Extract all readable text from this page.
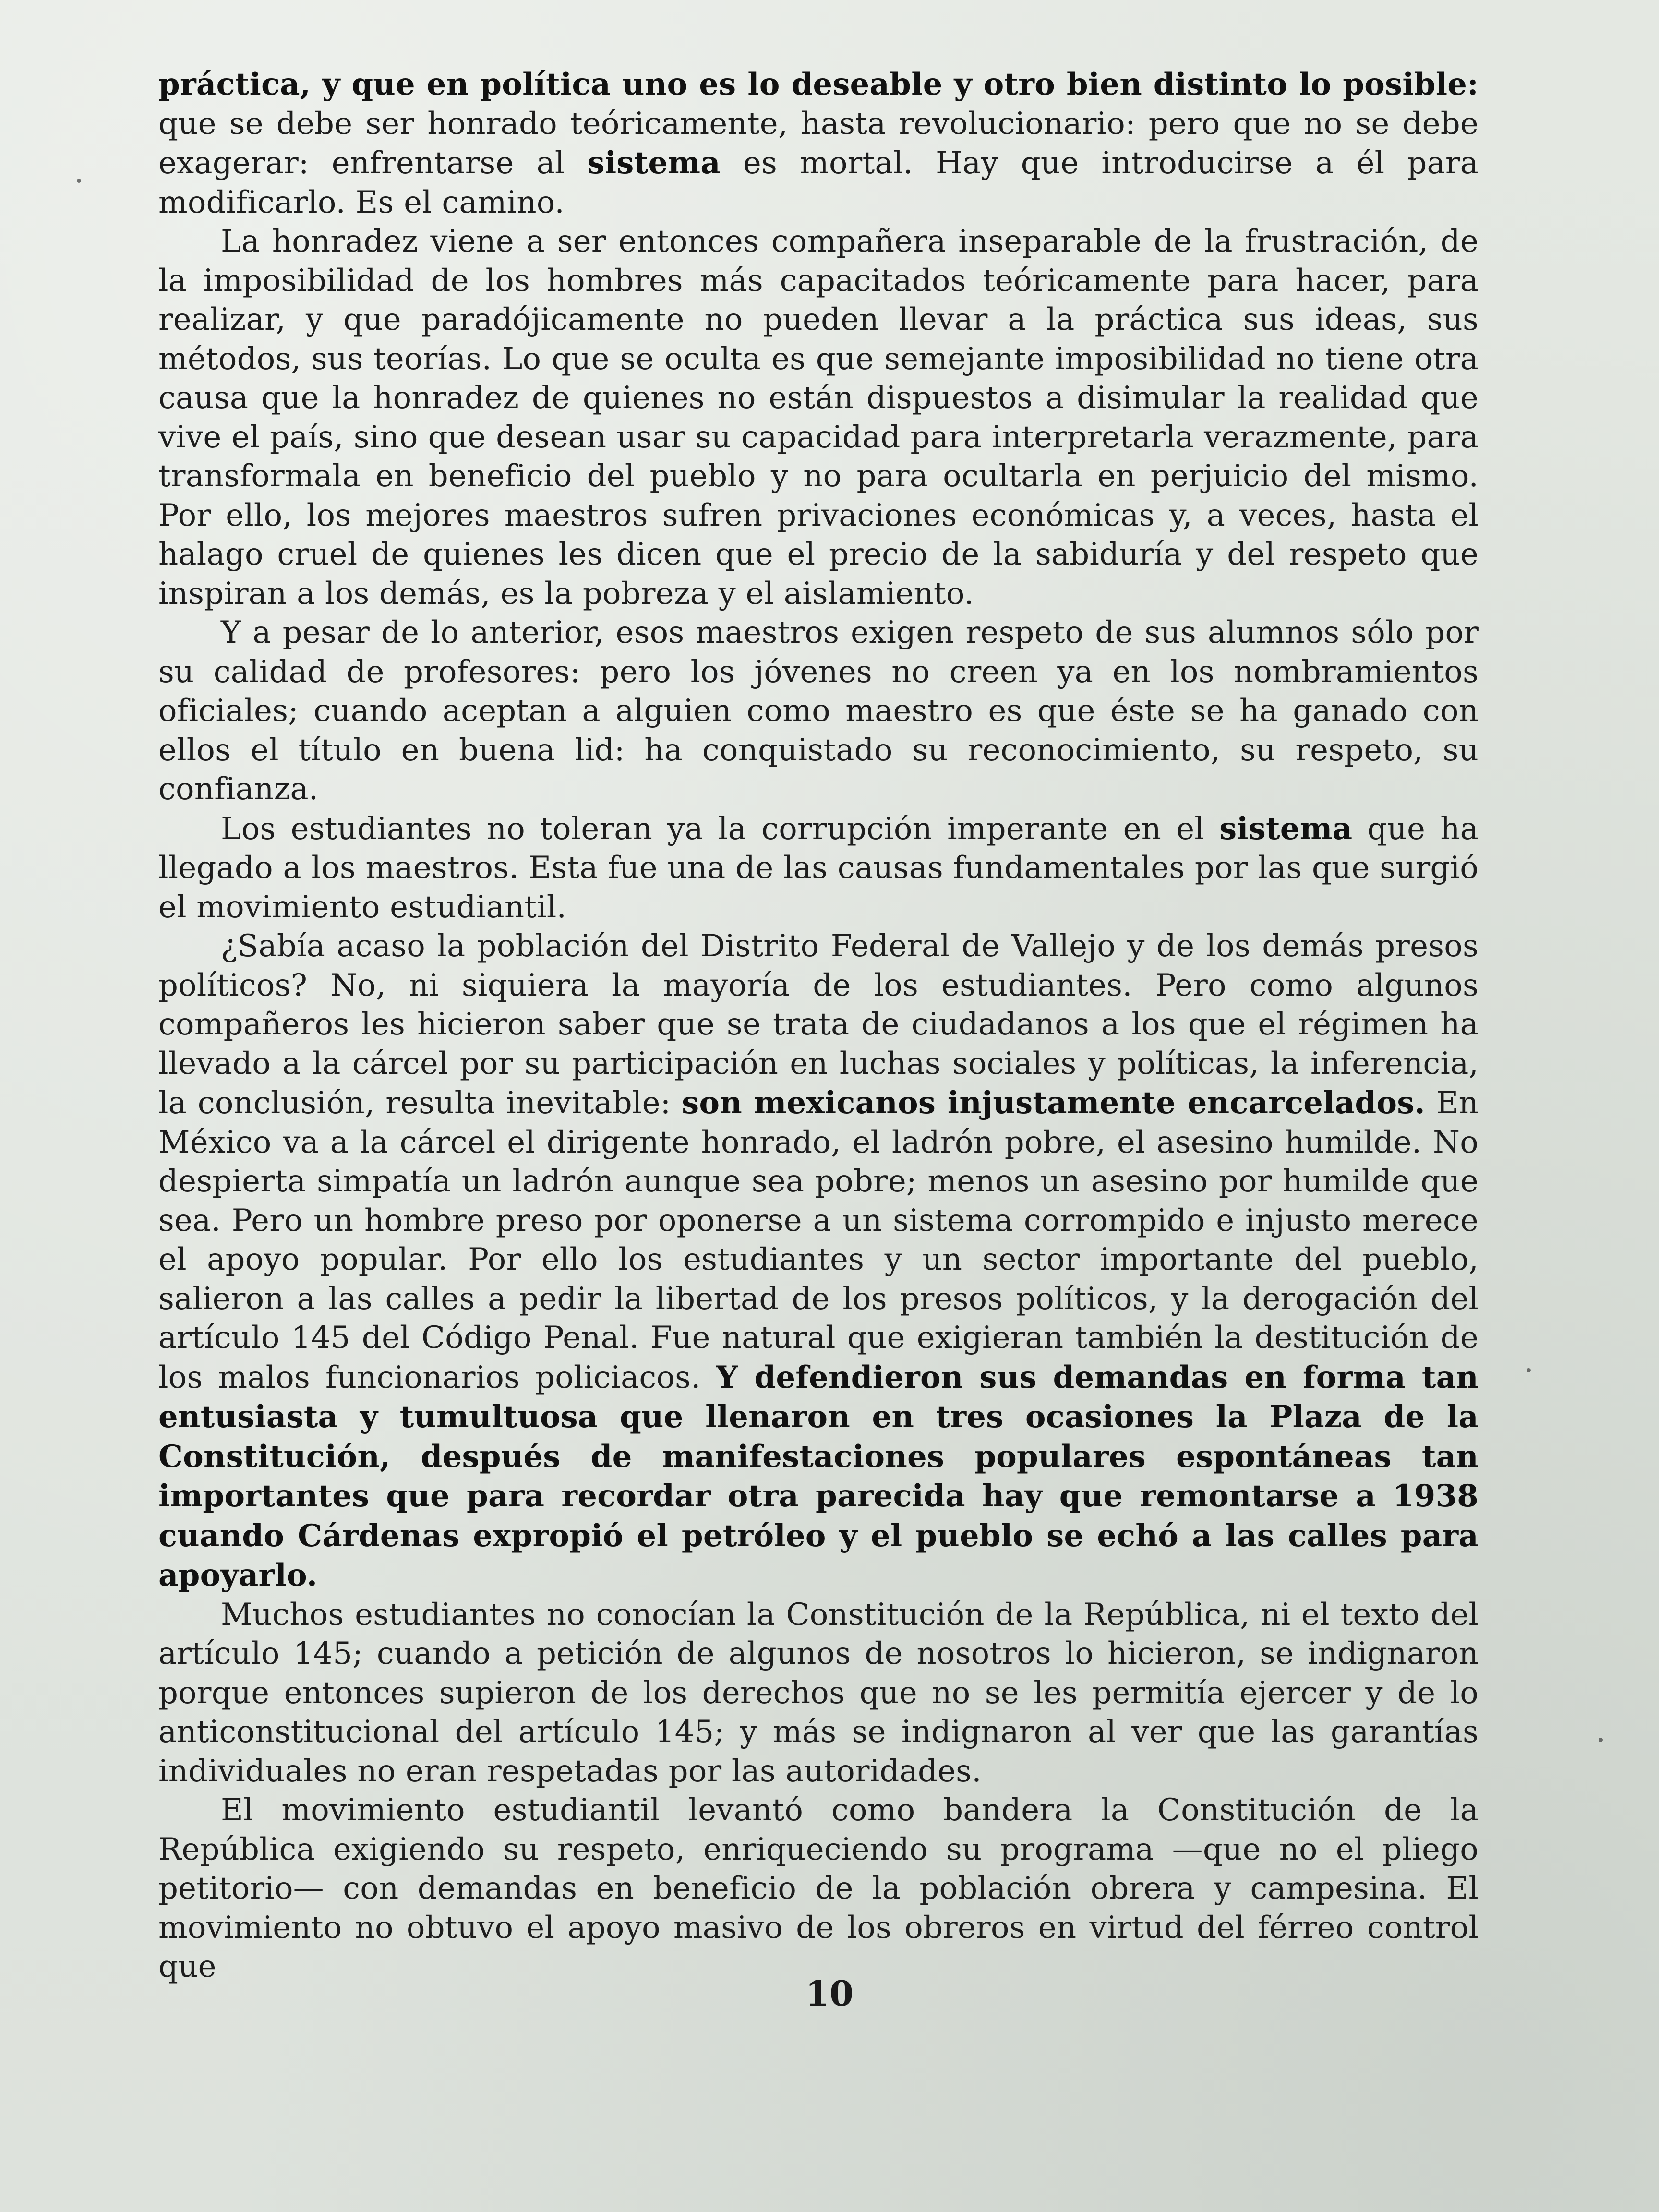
práctica, y que en política uno es lo deseable y otro bien distinto lo posible: que se debe ser honrado teóricamente, hasta revolucionario: pero que no se debe exagerar: enfrentarse al sistema es mortal. Hay que introducirse a él para modificarlo. Es el camino.

La honradez viene a ser entonces compañera inseparable de la frustración, de la imposibilidad de los hombres más capacitados teóricamente para hacer, para realizar, y que paradójicamente no pueden llevar a la práctica sus ideas, sus métodos, sus teorías. Lo que se oculta es que semejante imposibilidad no tiene otra causa que la honradez de quienes no están dispuestos a disimular la realidad que vive el país, sino que desean usar su capacidad para interpretarla verazmente, para transformala en beneficio del pueblo y no para ocultarla en perjuicio del mismo. Por ello, los mejores maestros sufren privaciones económicas y, a veces, hasta el halago cruel de quienes les dicen que el precio de la sabiduría y del respeto que inspiran a los demás, es la pobreza y el aislamiento.

Y a pesar de lo anterior, esos maestros exigen respeto de sus alumnos sólo por su calidad de profesores: pero los jóvenes no creen ya en los nombramientos oficiales; cuando aceptan a alguien como maestro es que éste se ha ganado con ellos el título en buena lid: ha conquistado su reconocimiento, su respeto, su confianza.

Los estudiantes no toleran ya la corrupción imperante en el sistema que ha llegado a los maestros. Esta fue una de las causas fundamentales por las que surgió el movimiento estudiantil.

¿Sabía acaso la población del Distrito Federal de Vallejo y de los demás presos políticos? No, ni siquiera la mayoría de los estudiantes. Pero como algunos compañeros les hicieron saber que se trata de ciudadanos a los que el régimen ha llevado a la cárcel por su participación en luchas sociales y políticas, la inferencia, la conclusión, resulta inevitable: son mexicanos injustamente encarcelados. En México va a la cárcel el dirigente honrado, el ladrón pobre, el asesino humilde. No despierta simpatía un ladrón aunque sea pobre; menos un asesino por humilde que sea. Pero un hombre preso por oponerse a un sistema corrompido e injusto merece el apoyo popular. Por ello los estudiantes y un sector importante del pueblo, salieron a las calles a pedir la libertad de los presos políticos, y la derogación del artículo 145 del Código Penal. Fue natural que exigieran también la destitución de los malos funcionarios policiacos. Y defendieron sus demandas en forma tan entusiasta y tumultuosa que llenaron en tres ocasiones la Plaza de la Constitución, después de manifestaciones populares espontáneas tan importantes que para recordar otra parecida hay que remontarse a 1938 cuando Cárdenas expropió el petróleo y el pueblo se echó a las calles para apoyarlo.

Muchos estudiantes no conocían la Constitución de la República, ni el texto del artículo 145; cuando a petición de algunos de nosotros lo hicieron, se indignaron porque entonces supieron de los derechos que no se les permitía ejercer y de lo anticonstitucional del artículo 145; y más se indignaron al ver que las garantías individuales no eran respetadas por las autoridades.

El movimiento estudiantil levantó como bandera la Constitución de la República exigiendo su respeto, enriqueciendo su programa —que no el pliego petitorio— con demandas en beneficio de la población obrera y campesina. El movimiento no obtuvo el apoyo masivo de los obreros en virtud del férreo control que

10
